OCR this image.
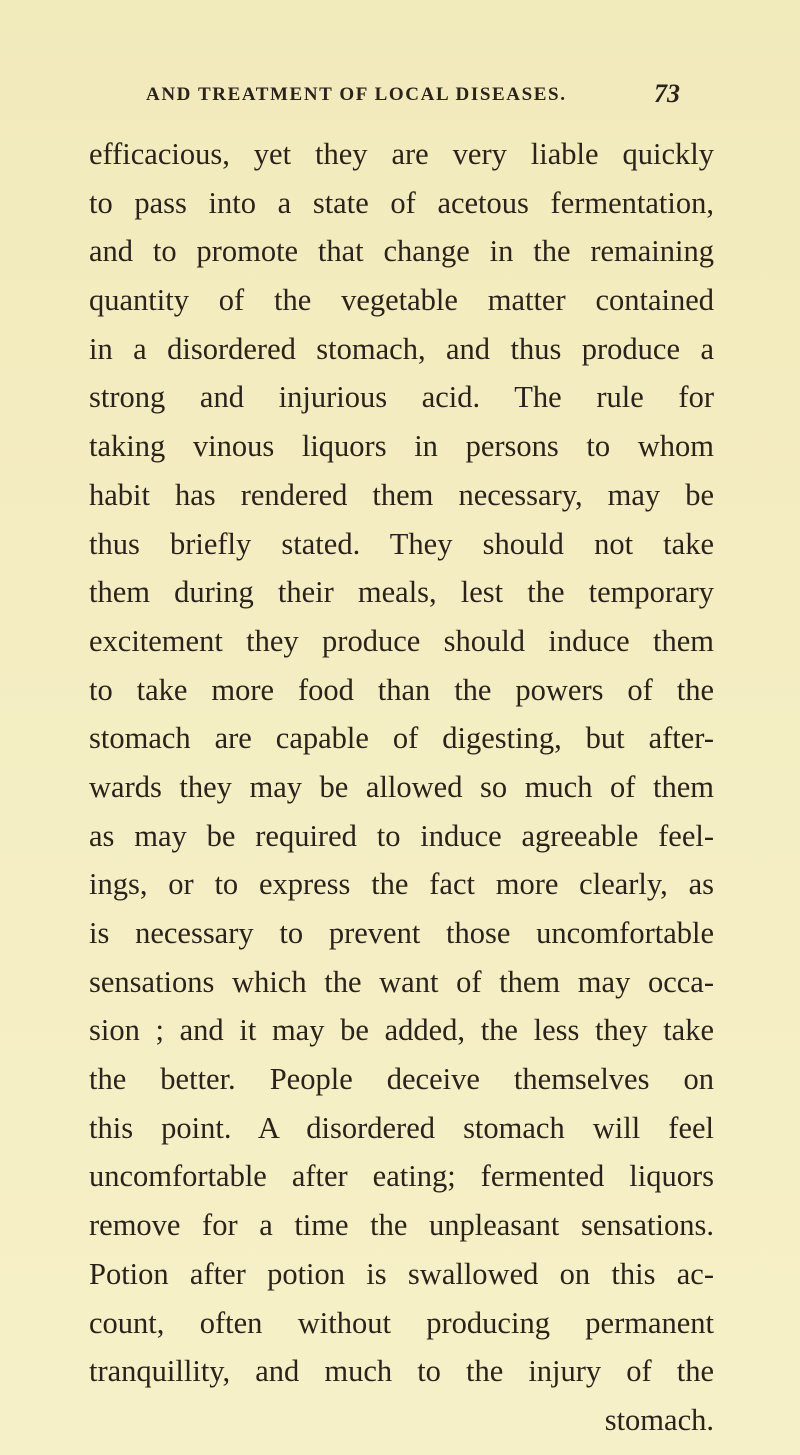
AND TREATMENT OF LOCAL DISEASES.	73
efficacious, yet they are very liable quickly
to pass into a state of acetous fermentation,
and to promote that change in the remaining
quantity of the vegetable matter contained
in a disordered stomach, and thus produce a
strong and injurious acid. The rule for
taking vinous liquors in persons to whom
habit has rendered them necessary, may be
thus briefly stated. They should not take
them during their meals, lest the temporary
excitement they produce should induce them
to take more food than the powers of the
stomach are capable of digesting, but after-
wards they may be allowed so much of them
as may be required to induce agreeable feel-
ings, or to express the fact more clearly, as
is necessary to prevent those uncomfortable
sensations which the want of them may occa-
sion ; and it may be added, the less they take
the better. People deceive themselves on
this point. A disordered stomach will feel
uncomfortable after eating; fermented liquors
remove for a time the unpleasant sensations.
Potion after potion is swallowed on this ac-
count, often without producing permanent
tranquillity, and much to the injury of the
stomach.
